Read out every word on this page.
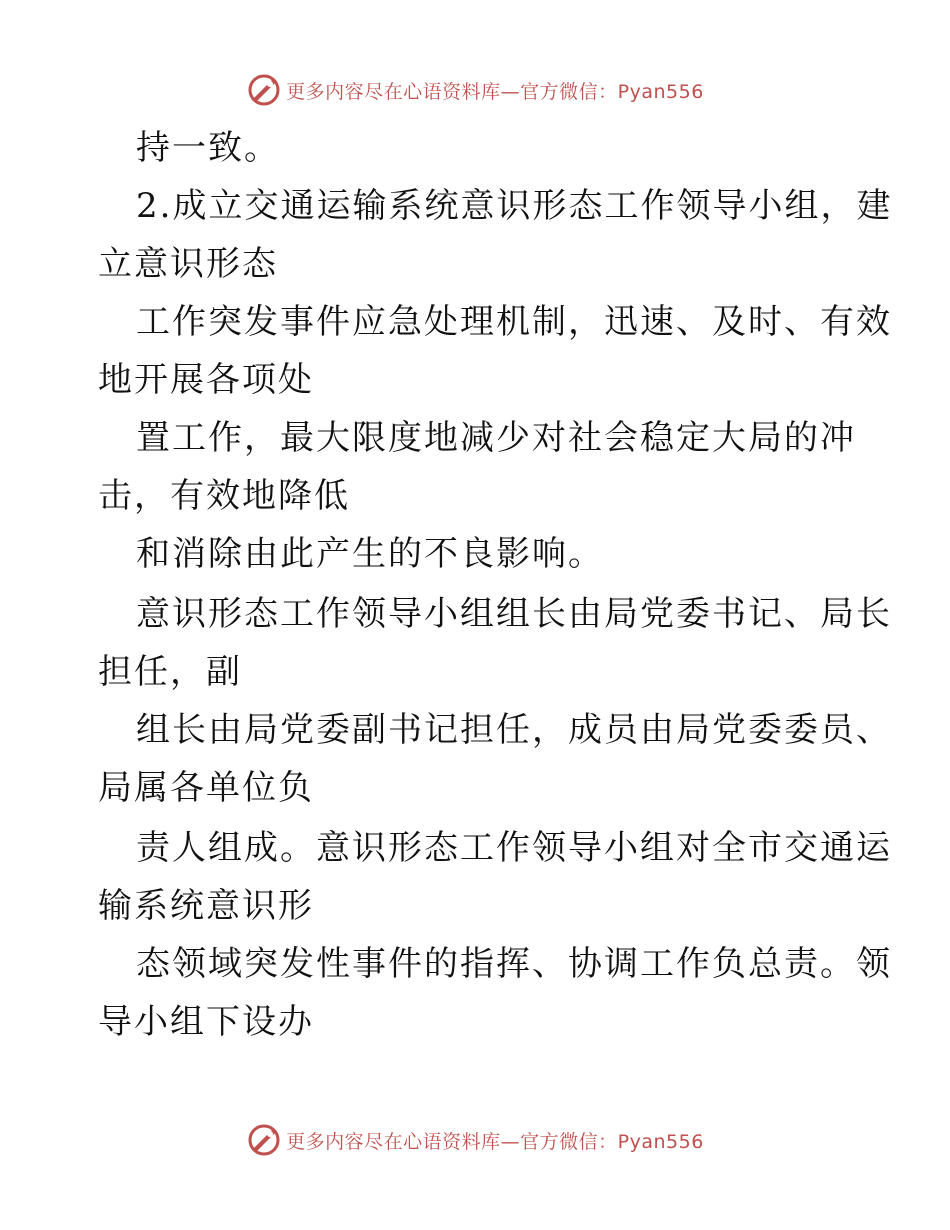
更多内容尽在心语资料库—官方微信：Pyan556
持一致。
2.成立交通运输系统意识形态工作领导小组，建
立意识形态
工作突发事件应急处理机制，迅速、及时、有效
地开展各项处
置工作，最大限度地减少对社会稳定大局的冲
击，有效地降低
和消除由此产生的不良影响。
意识形态工作领导小组组长由局党委书记、局长
担任，副
组长由局党委副书记担任，成员由局党委委员、
局属各单位负
责人组成。意识形态工作领导小组对全市交通运
输系统意识形
态领域突发性事件的指挥、协调工作负总责。领
导小组下设办
更多内容尽在心语资料库—官方微信：Pyan556
